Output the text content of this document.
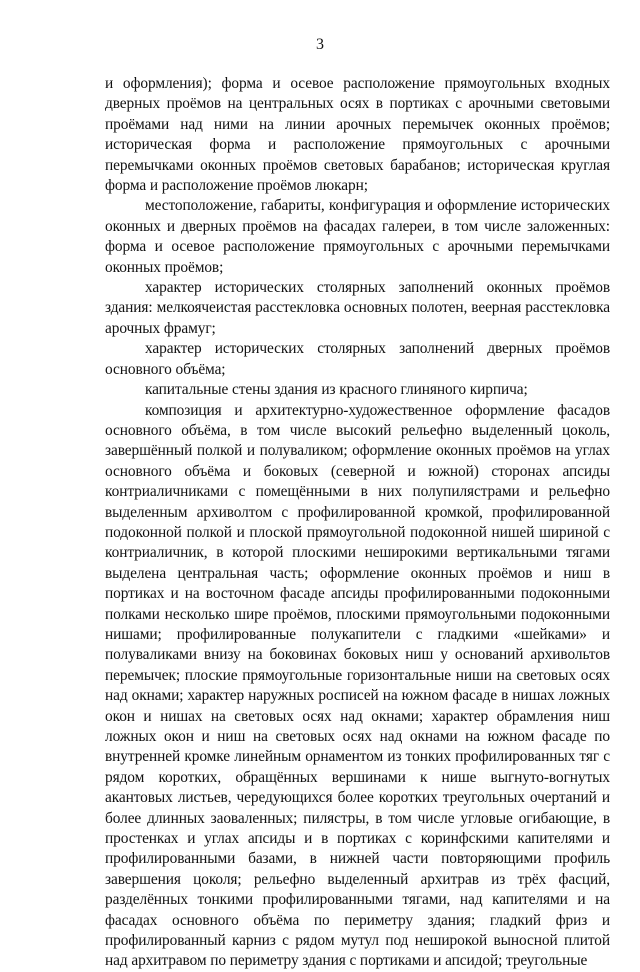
3

и оформления); форма и осевое расположение прямоугольных входных дверных проёмов на центральных осях в портиках с арочными световыми проёмами над ними на линии арочных перемычек оконных проёмов; историческая форма и расположение прямоугольных с арочными перемычками оконных проёмов световых барабанов; историческая круглая форма и расположение проёмов люкарн;

местоположение, габариты, конфигурация и оформление исторических оконных и дверных проёмов на фасадах галереи, в том числе заложенных: форма и осевое расположение прямоугольных с арочными перемычками оконных проёмов;

характер исторических столярных заполнений оконных проёмов здания: мелкоячеистая расстекловка основных полотен, веерная расстекловка арочных фрамуг;

характер исторических столярных заполнений дверных проёмов основного объёма;

капитальные стены здания из красного глиняного кирпича;

композиция и архитектурно-художественное оформление фасадов основного объёма, в том числе высокий рельефно выделенный цоколь, завершённый полкой и полуваликом; оформление оконных проёмов на углах основного объёма и боковых (северной и южной) сторонах апсиды контриаличниками с помещёнными в них полупилястрами и рельефно выделенным архиволтом с профилированной кромкой, профилированной подоконной полкой и плоской прямоугольной подоконной нишей шириной с контриаличник, в которой плоскими неширокими вертикальными тягами выделена центральная часть; оформление оконных проёмов и ниш в портиках и на восточном фасаде апсиды профилированными подоконными полками несколько шире проёмов, плоскими прямоугольными подоконными нишами; профилированные полукапители с гладкими «шейками» и полуваликами внизу на боковинах боковых ниш у оснований архивольтов перемычек; плоские прямоугольные горизонтальные ниши на световых осях над окнами; характер наружных росписей на южном фасаде в нишах ложных окон и нишах на световых осях над окнами; характер обрамления ниш ложных окон и ниш на световых осях над окнами на южном фасаде по внутренней кромке линейным орнаментом из тонких профилированных тяг с рядом коротких, обращённых вершинами к нише выгнуто-вогнутых акантовых листьев, чередующихся более коротких треугольных очертаний и более длинных заоваленных; пилястры, в том числе угловые огибающие, в простенках и углах апсиды и в портиках с коринфскими капителями и профилированными базами, в нижней части повторяющими профиль завершения цоколя; рельефно выделенный архитрав из трёх фасций, разделённых тонкими профилированными тягами, над капителями и на фасадах основного объёма по периметру здания; гладкий фриз и профилированный карниз с рядом мутул под неширокой выносной плитой над архитравом по периметру здания с портиками и апсидой; треугольные
